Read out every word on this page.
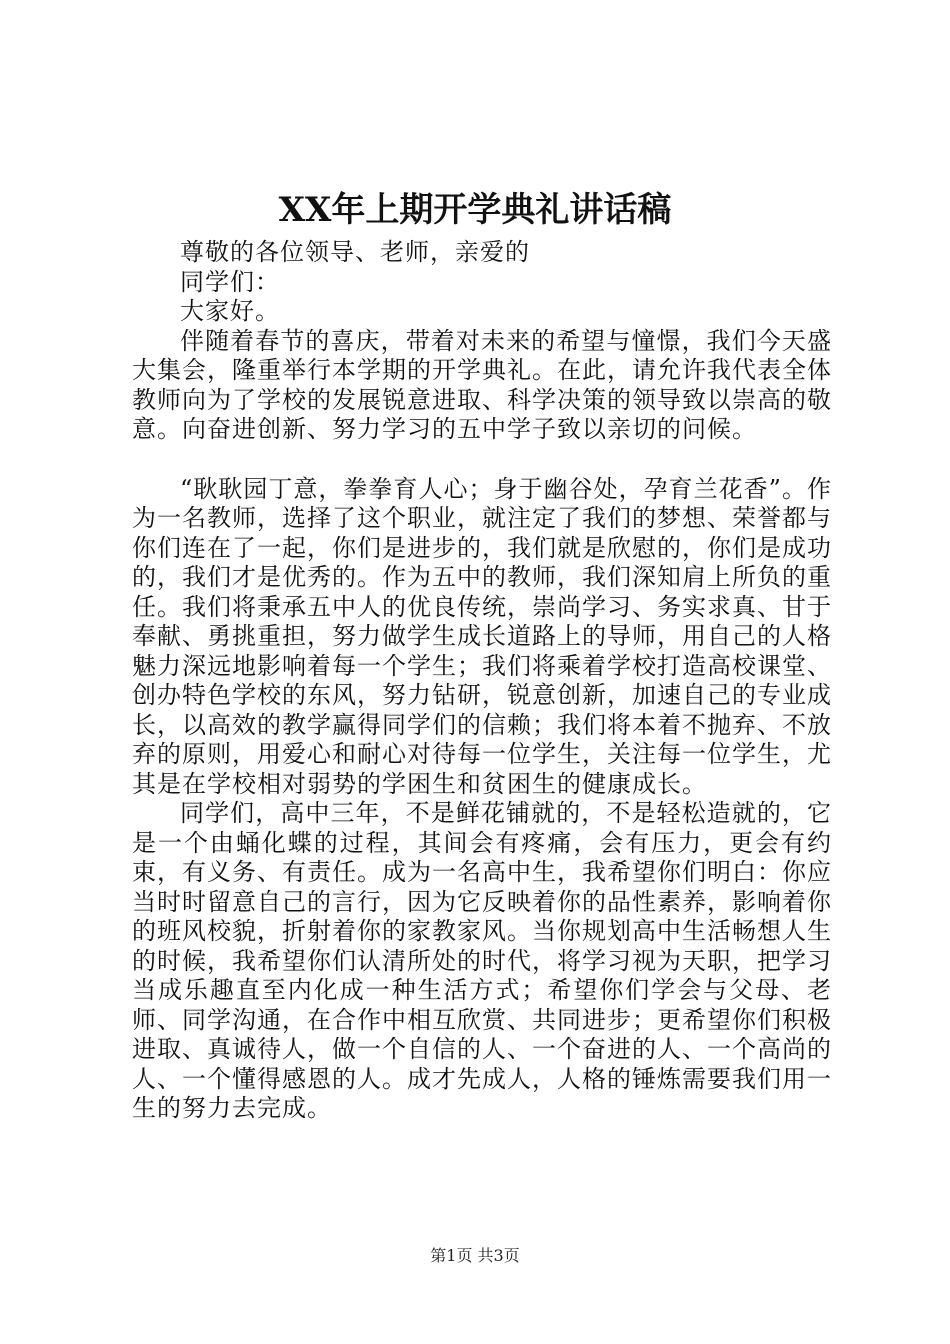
XX年上期开学典礼讲话稿

尊敬的各位领导、老师，亲爱的

同学们：

大家好。

伴随着春节的喜庆，带着对未来的希望与憧憬，我们今天盛大集会，隆重举行本学期的开学典礼。在此，请允许我代表全体教师向为了学校的发展锐意进取、科学决策的领导致以崇高的敬意。向奋进创新、努力学习的五中学子致以亲切的问候。

“耿耿园丁意，拳拳育人心；身于幽谷处，孕育兰花香”。作为一名教师，选择了这个职业，就注定了我们的梦想、荣誉都与你们连在了一起，你们是进步的，我们就是欣慰的，你们是成功的，我们才是优秀的。作为五中的教师，我们深知肩上所负的重任。我们将秉承五中人的优良传统，崇尚学习、务实求真、甘于奉献、勇挑重担，努力做学生成长道路上的导师，用自己的人格魅力深远地影响着每一个学生；我们将乘着学校打造高校课堂、创办特色学校的东风，努力钻研，锐意创新，加速自己的专业成长，以高效的教学赢得同学们的信赖；我们将本着不抛弃、不放弃的原则，用爱心和耐心对待每一位学生，关注每一位学生，尤其是在学校相对弱势的学困生和贫困生的健康成长。

同学们，高中三年，不是鲜花铺就的，不是轻松造就的，它是一个由蛹化蝶的过程，其间会有疼痛，会有压力，更会有约束，有义务、有责任。成为一名高中生，我希望你们明白：你应当时时留意自己的言行，因为它反映着你的品性素养，影响着你的班风校貌，折射着你的家教家风。当你规划高中生活畅想人生的时候，我希望你们认清所处的时代，将学习视为天职，把学习当成乐趣直至内化成一种生活方式；希望你们学会与父母、老师、同学沟通，在合作中相互欣赏、共同进步；更希望你们积极进取、真诚待人，做一个自信的人、一个奋进的人、一个高尚的人、一个懂得感恩的人。成才先成人，人格的锤炼需要我们用一生的努力去完成。

第1页 共3页
